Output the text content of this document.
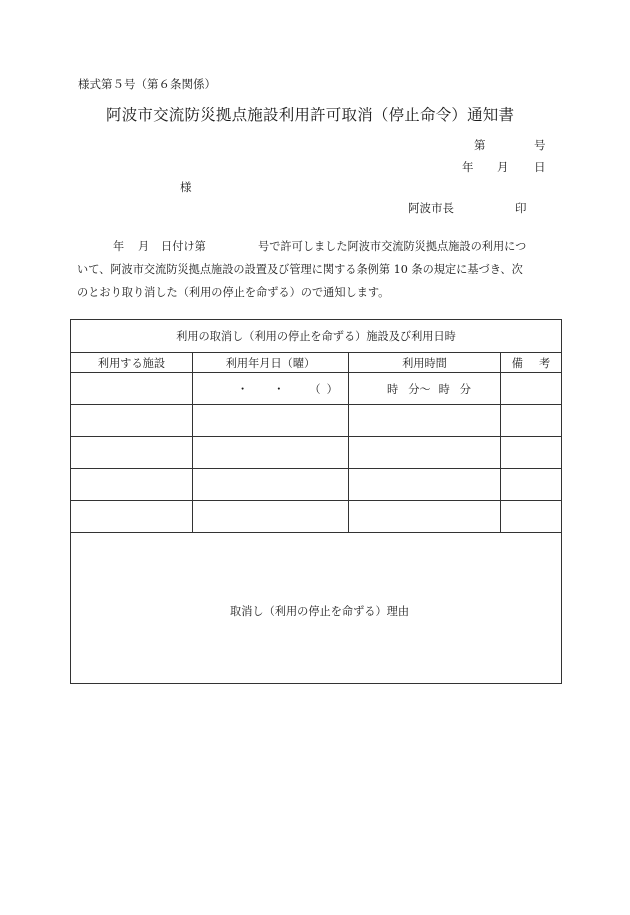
様式第５号（第６条関係）
阿波市交流防災拠点施設利用許可取消（停止命令）通知書
第	号
年 月 日
様
阿波市長	印
年 月 日付け第	号で許可しました阿波市交流防災拠点施設の利用につ
いて、阿波市交流防災拠点施設の設置及び管理に関する条例第 10 条の規定に基づき、次
のとおり取り消した（利用の停止を命ずる）ので通知します。
利用の取消し（利用の停止を命ずる）施設及び利用日時			
利用する施設	利用年月日（曜）	利用時間	備 考
	・ ・ （ ）	時 分～ 時 分	

取消し（利用の停止を命ずる）理由			
